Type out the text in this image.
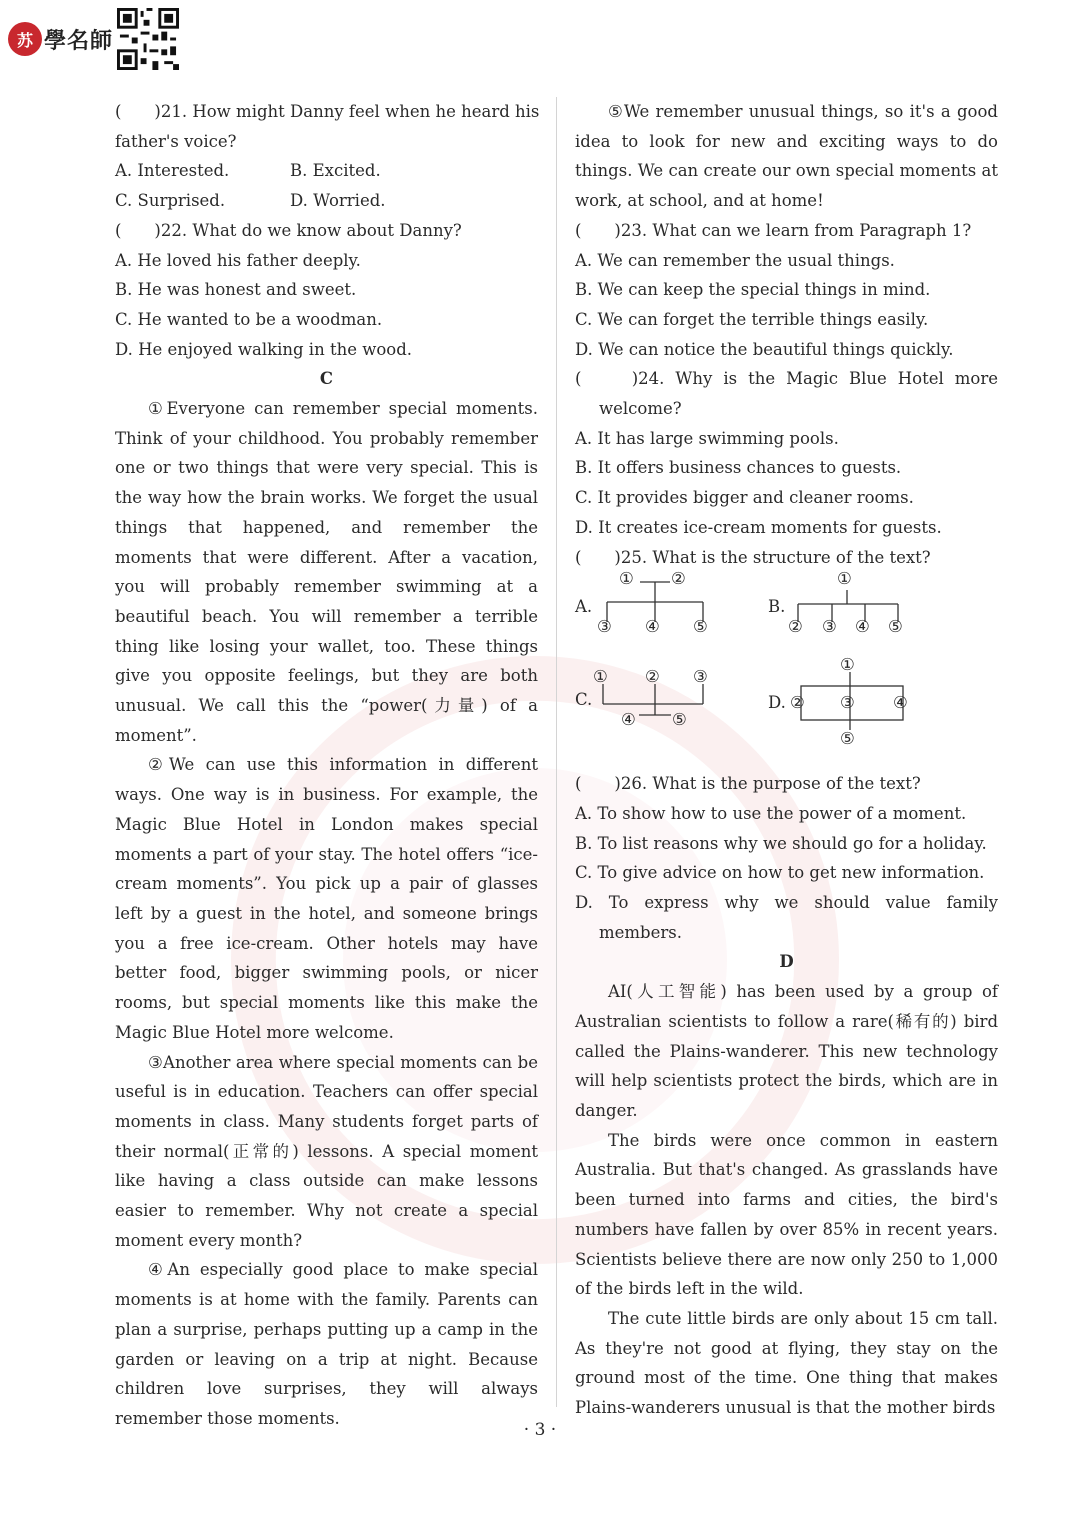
苏 學名師
(　　)21. How might Danny feel when he heard his
father's voice?
A. Interested.	B. Excited.
C. Surprised.	D. Worried.
(　　)22. What do we know about Danny?
A. He loved his father deeply.
B. He was honest and sweet.
C. He wanted to be a woodman.
D. He enjoyed walking in the wood.
C
①Everyone can remember special moments. Think of your childhood. You probably remember one or two things that were very special. This is the way how the brain works. We forget the usual things that happened, and remember the moments that were different. After a vacation, you will probably remember swimming at a beautiful beach. You will remember a terrible thing like losing your wallet, too. These things give you opposite feelings, but they are both unusual. We call this the “power(力量) of a moment”.
②We can use this information in different ways. One way is in business. For example, the Magic Blue Hotel in London makes special moments a part of your stay. The hotel offers “ice-cream moments”. You pick up a pair of glasses left by a guest in the hotel, and someone brings you a free ice-cream. Other hotels may have better food, bigger swimming pools, or nicer rooms, but special moments like this make the Magic Blue Hotel more welcome.
③Another area where special moments can be useful is in education. Teachers can offer special moments in class. Many students forget parts of their normal(正常的) lessons. A special moment like having a class outside can make lessons easier to remember. Why not create a special moment every month?
④An especially good place to make special moments is at home with the family. Parents can plan a surprise, perhaps putting up a camp in the garden or leaving on a trip at night. Because children love surprises, they will always remember those moments.
⑤We remember unusual things, so it's a good idea to look for new and exciting ways to do things. We can create our own special moments at work, at school, and at home!
(　　)23. What can we learn from Paragraph 1?
A. We can remember the usual things.
B. We can keep the special things in mind.
C. We can forget the terrible things easily.
D. We can notice the beautiful things quickly.
(　　)24. Why is the Magic Blue Hotel more welcome?
A. It has large swimming pools.
B. It offers business chances to guests.
C. It provides bigger and cleaner rooms.
D. It creates ice-cream moments for guests.
(　　)25. What is the structure of the text?
A.
① ②
③ ④ ⑤
B.
①
② ③ ④ ⑤
C.
① ② ③
④ ⑤
D.
①
② ③ ④
⑤
(　　)26. What is the purpose of the text?
A. To show how to use the power of a moment.
B. To list reasons why we should go for a holiday.
C. To give advice on how to get new information.
D. To express why we should value family members.
D
AI(人工智能) has been used by a group of Australian scientists to follow a rare(稀有的) bird called the Plains-wanderer. This new technology will help scientists protect the birds, which are in danger.
The birds were once common in eastern Australia. But that's changed. As grasslands have been turned into farms and cities, the bird's numbers have fallen by over 85% in recent years. Scientists believe there are now only 250 to 1,000 of the birds left in the wild.
The cute little birds are only about 15 cm tall. As they're not good at flying, they stay on the ground most of the time. One thing that makes Plains-wanderers unusual is that the mother birds
· 3 ·
